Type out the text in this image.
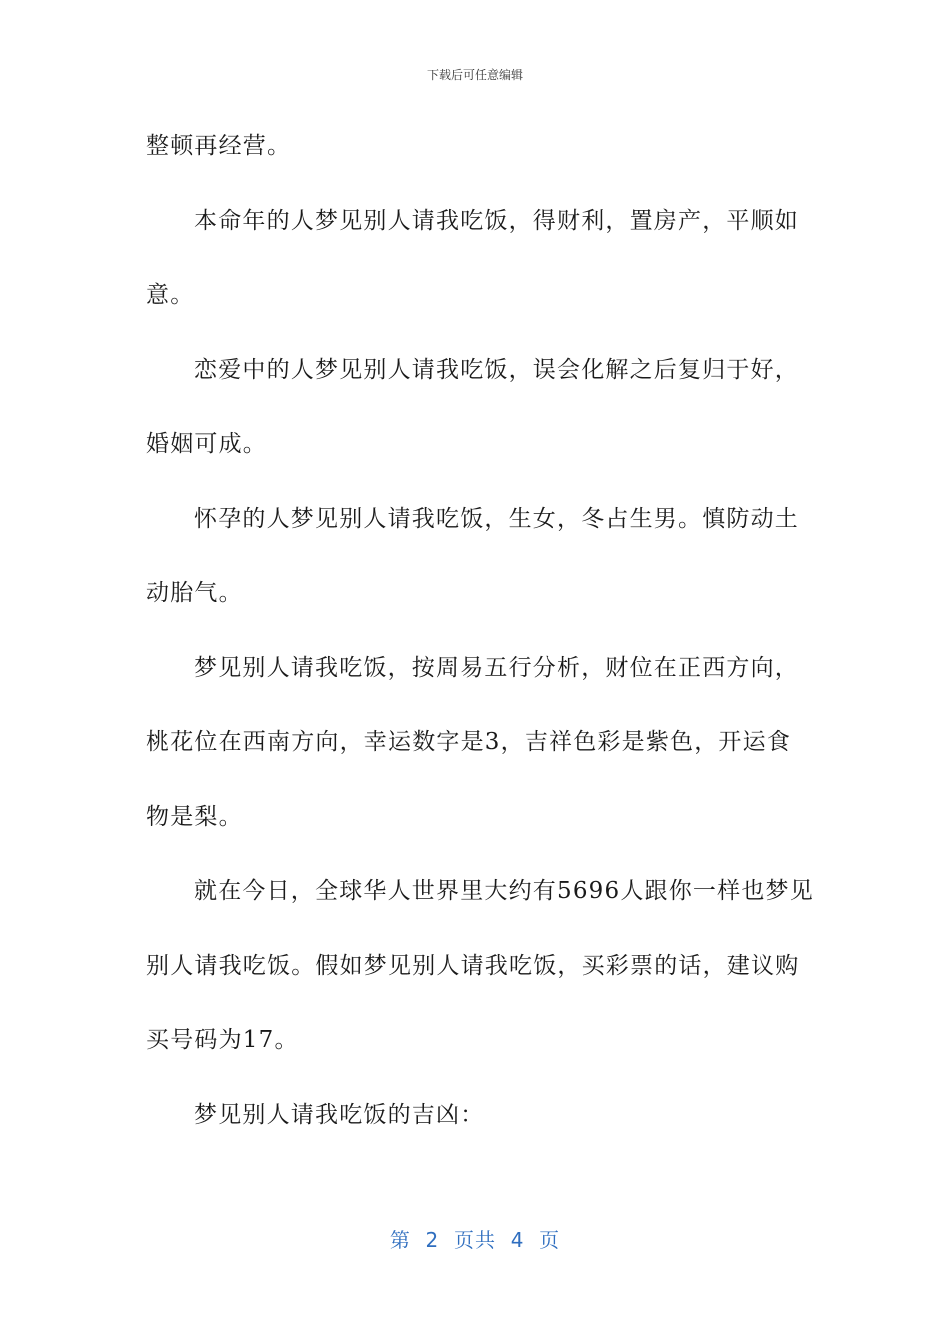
下载后可任意编辑
整顿再经营。
本命年的人梦见别人请我吃饭，得财利，置房产，平顺如
意。
恋爱中的人梦见别人请我吃饭，误会化解之后复归于好，
婚姻可成。
怀孕的人梦见别人请我吃饭，生女，冬占生男。慎防动土
动胎气。
梦见别人请我吃饭，按周易五行分析，财位在正西方向，
桃花位在西南方向，幸运数字是3，吉祥色彩是紫色，开运食
物是梨。
就在今日，全球华人世界里大约有5696人跟你一样也梦见
别人请我吃饭。假如梦见别人请我吃饭，买彩票的话，建议购
买号码为17。
梦见别人请我吃饭的吉凶：
第  2  页共  4  页
